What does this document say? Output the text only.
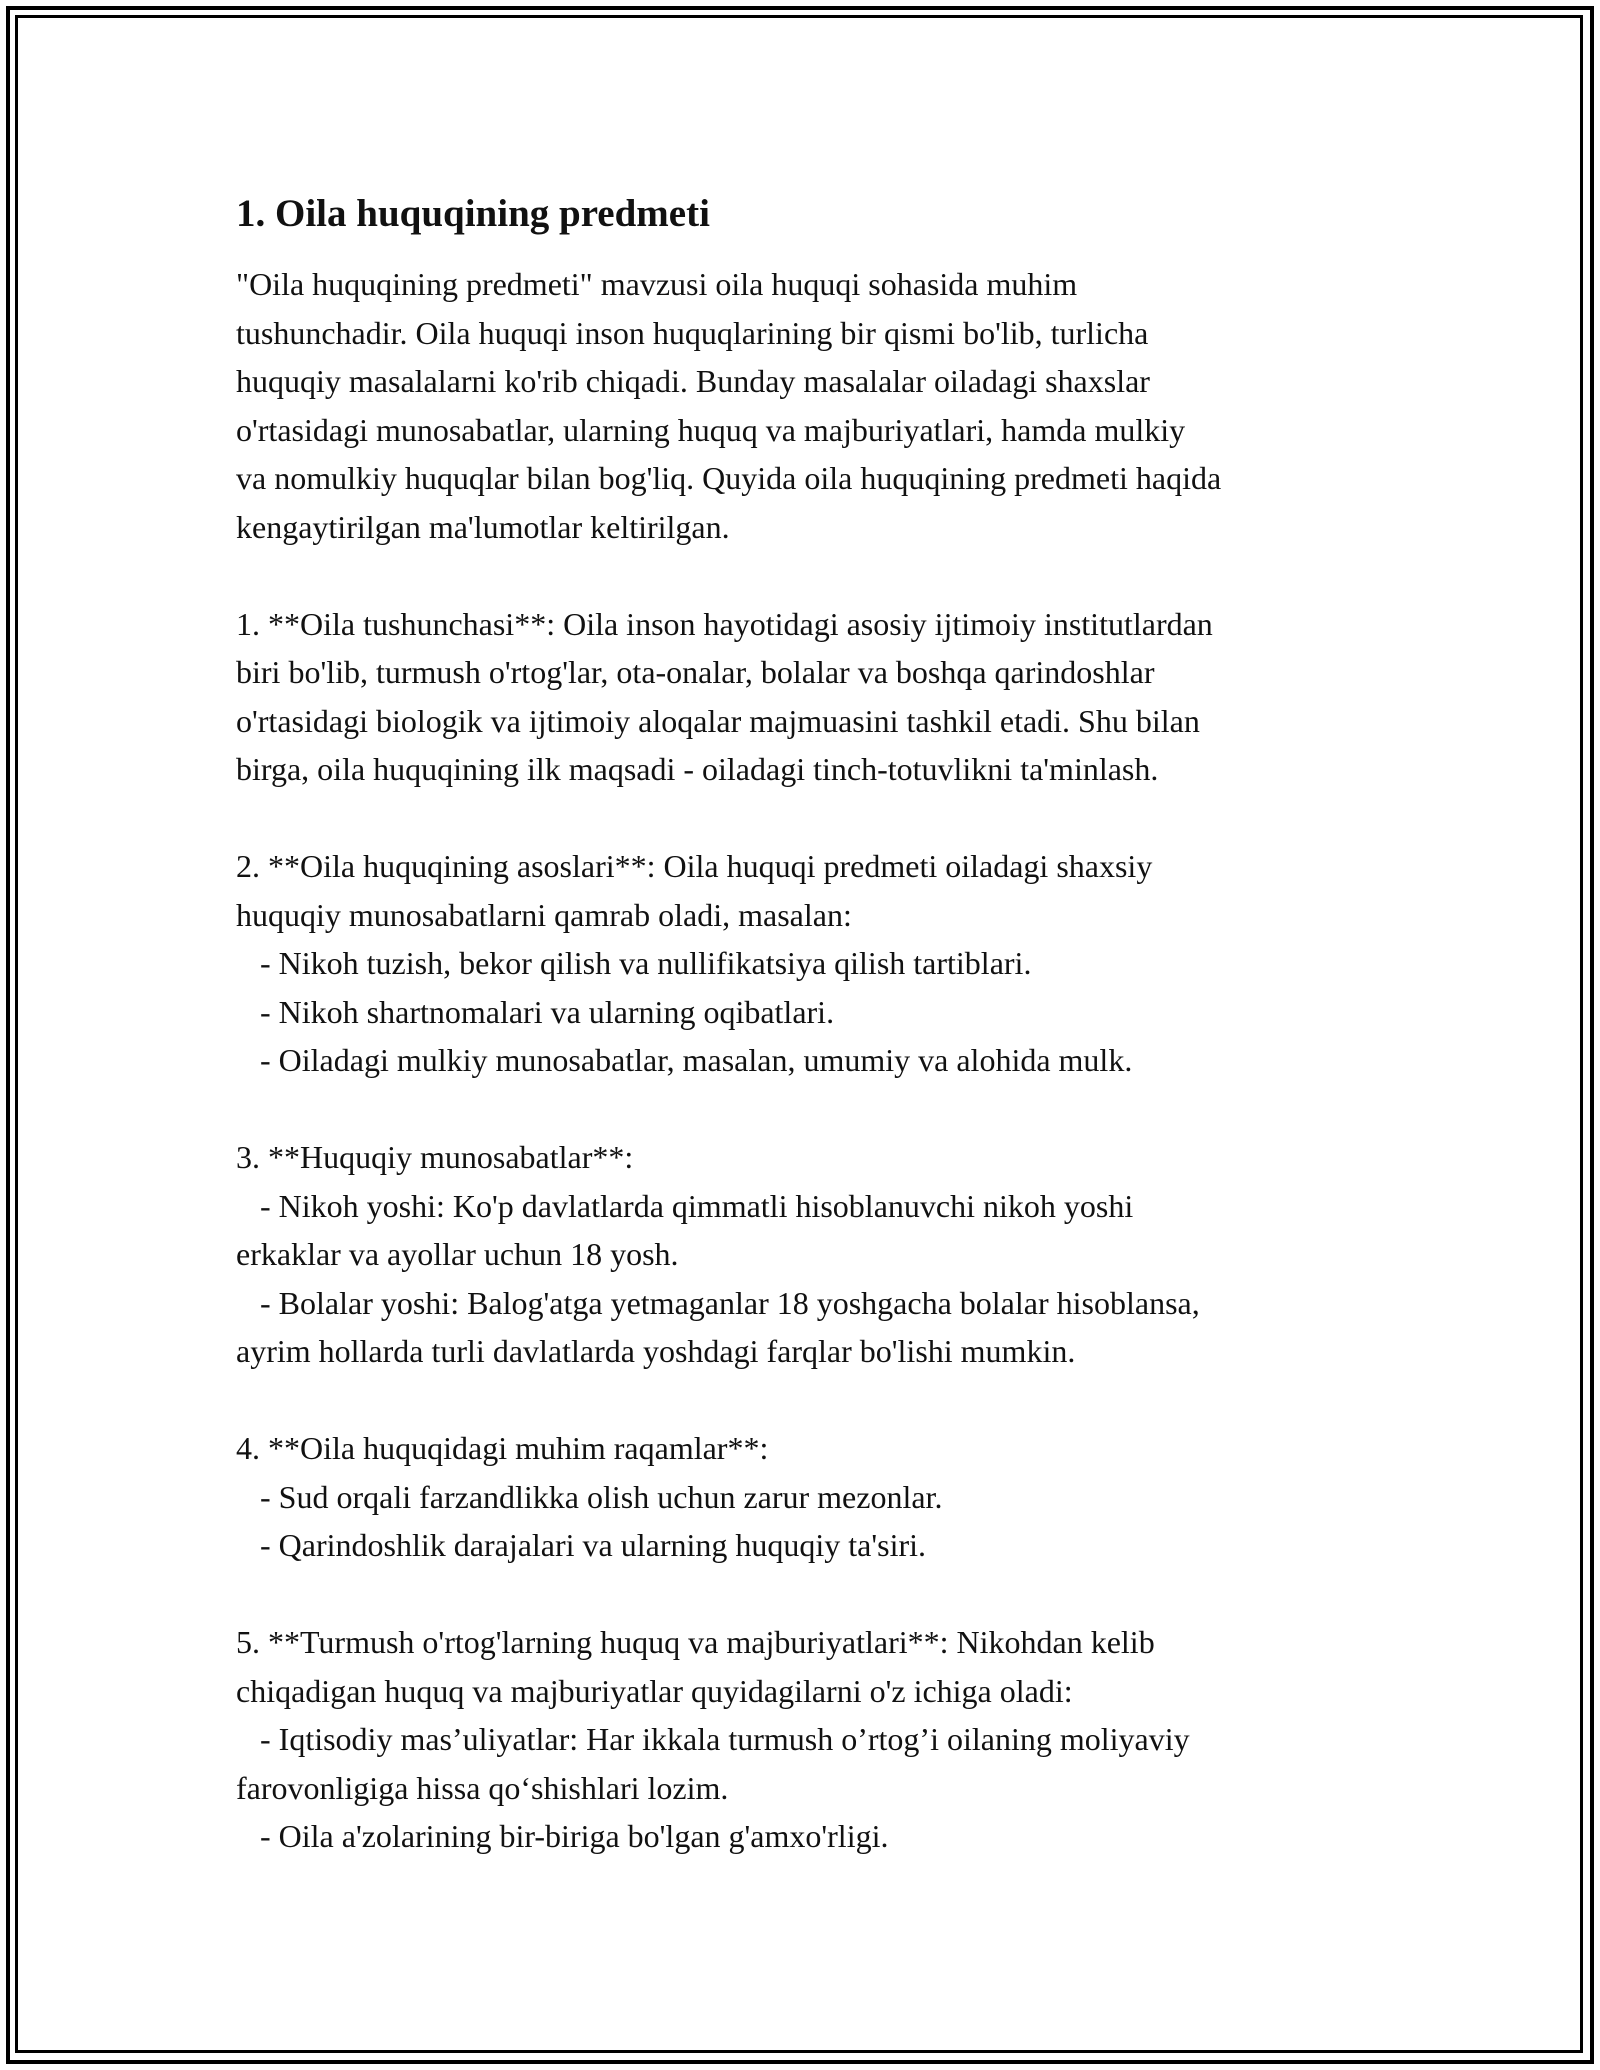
1. Oila huquqining predmeti

"Oila huquqining predmeti" mavzusi oila huquqi sohasida muhim
tushunchadir. Oila huquqi inson huquqlarining bir qismi bo'lib, turlicha
huquqiy masalalarni ko'rib chiqadi. Bunday masalalar oiladagi shaxslar
o'rtasidagi munosabatlar, ularning huquq va majburiyatlari, hamda mulkiy
va nomulkiy huquqlar bilan bog'liq. Quyida oila huquqining predmeti haqida
kengaytirilgan ma'lumotlar keltirilgan.

1. **Oila tushunchasi**: Oila inson hayotidagi asosiy ijtimoiy institutlardan
biri bo'lib, turmush o'rtog'lar, ota-onalar, bolalar va boshqa qarindoshlar
o'rtasidagi biologik va ijtimoiy aloqalar majmuasini tashkil etadi. Shu bilan
birga, oila huquqining ilk maqsadi - oiladagi tinch-totuvlikni ta'minlash.

2. **Oila huquqining asoslari**: Oila huquqi predmeti oiladagi shaxsiy
huquqiy munosabatlarni qamrab oladi, masalan:
- Nikoh tuzish, bekor qilish va nullifikatsiya qilish tartiblari.
- Nikoh shartnomalari va ularning oqibatlari.
- Oiladagi mulkiy munosabatlar, masalan, umumiy va alohida mulk.

3. **Huquqiy munosabatlar**:
- Nikoh yoshi: Ko'p davlatlarda qimmatli hisoblanuvchi nikoh yoshi
erkaklar va ayollar uchun 18 yosh.
- Bolalar yoshi: Balog'atga yetmaganlar 18 yoshgacha bolalar hisoblansa,
ayrim hollarda turli davlatlarda yoshdagi farqlar bo'lishi mumkin.

4. **Oila huquqidagi muhim raqamlar**:
- Sud orqali farzandlikka olish uchun zarur mezonlar.
- Qarindoshlik darajalari va ularning huquqiy ta'siri.

5. **Turmush o'rtog'larning huquq va majburiyatlari**: Nikohdan kelib
chiqadigan huquq va majburiyatlar quyidagilarni o'z ichiga oladi:
- Iqtisodiy mas’uliyatlar: Har ikkala turmush o’rtog’i oilaning moliyaviy
farovonligiga hissa qo‘shishlari lozim.
- Oila a'zolarining bir-biriga bo'lgan g'amxo'rligi.
